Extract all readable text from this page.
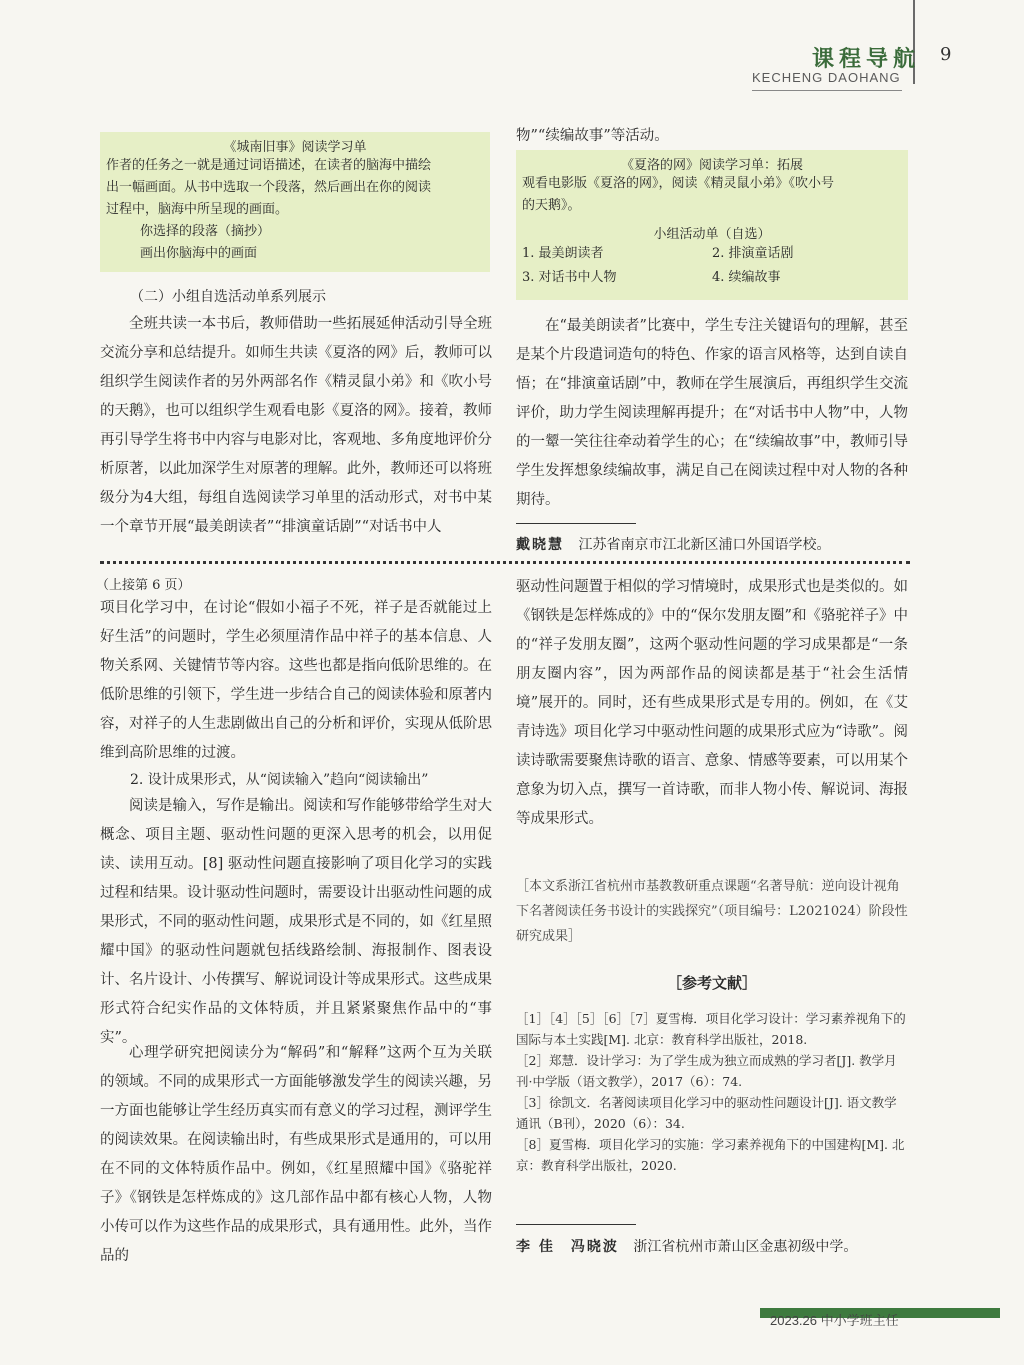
课程导航
KECHENG DAOHANG
9
《城南旧事》阅读学习单
作者的任务之一就是通过词语描述，在读者的脑海中描绘
出一幅画面。从书中选取一个段落，然后画出在你的阅读
过程中，脑海中所呈现的画面。
你选择的段落（摘抄）
画出你脑海中的画面
（二）小组自选活动单系列展示
全班共读一本书后，教师借助一些拓展延伸活动引导全班交流分享和总结提升。如师生共读《夏洛的网》后，教师可以组织学生阅读作者的另外两部名作《精灵鼠小弟》和《吹小号的天鹅》，也可以组织学生观看电影《夏洛的网》。接着，教师再引导学生将书中内容与电影对比，客观地、多角度地评价分析原著，以此加深学生对原著的理解。此外，教师还可以将班级分为4大组，每组自选阅读学习单里的活动形式，对书中某一个章节开展“最美朗读者”“排演童话剧”“对话书中人
物”“续编故事”等活动。
《夏洛的网》阅读学习单：拓展
观看电影版《夏洛的网》，阅读《精灵鼠小弟》《吹小号
的天鹅》。
小组活动单（自选）
1. 最美朗读者	2. 排演童话剧
3. 对话书中人物	4. 续编故事
在“最美朗读者”比赛中，学生专注关键语句的理解，甚至是某个片段遣词造句的特色、作家的语言风格等，达到自读自悟；在“排演童话剧”中，教师在学生展演后，再组织学生交流评价，助力学生阅读理解再提升；在“对话书中人物”中，人物的一颦一笑往往牵动着学生的心；在“续编故事”中，教师引导学生发挥想象续编故事，满足自己在阅读过程中对人物的各种期待。
戴晓慧 江苏省南京市江北新区浦口外国语学校。
（上接第 6 页）
项目化学习中，在讨论“假如小福子不死，祥子是否就能过上好生活”的问题时，学生必须厘清作品中祥子的基本信息、人物关系网、关键情节等内容。这些也都是指向低阶思维的。在低阶思维的引领下，学生进一步结合自己的阅读体验和原著内容，对祥子的人生悲剧做出自己的分析和评价，实现从低阶思维到高阶思维的过渡。
2. 设计成果形式，从“阅读输入”趋向“阅读输出”
阅读是输入，写作是输出。阅读和写作能够带给学生对大概念、项目主题、驱动性问题的更深入思考的机会，以用促读、读用互动。[8] 驱动性问题直接影响了项目化学习的实践过程和结果。设计驱动性问题时，需要设计出驱动性问题的成果形式，不同的驱动性问题，成果形式是不同的，如《红星照耀中国》的驱动性问题就包括线路绘制、海报制作、图表设计、名片设计、小传撰写、解说词设计等成果形式。这些成果形式符合纪实作品的文体特质，并且紧紧聚焦作品中的“事实”。
心理学研究把阅读分为“解码”和“解释”这两个互为关联的领域。不同的成果形式一方面能够激发学生的阅读兴趣，另一方面也能够让学生经历真实而有意义的学习过程，测评学生的阅读效果。在阅读输出时，有些成果形式是通用的，可以用在不同的文体特质作品中。例如，《红星照耀中国》《骆驼祥子》《钢铁是怎样炼成的》这几部作品中都有核心人物，人物小传可以作为这些作品的成果形式，具有通用性。此外，当作品的
驱动性问题置于相似的学习情境时，成果形式也是类似的。如《钢铁是怎样炼成的》中的“保尔发朋友圈”和《骆驼祥子》中的“祥子发朋友圈”，这两个驱动性问题的学习成果都是“一条朋友圈内容”，因为两部作品的阅读都是基于“社会生活情境”展开的。同时，还有些成果形式是专用的。例如，在《艾青诗选》项目化学习中驱动性问题的成果形式应为“诗歌”。阅读诗歌需要聚焦诗歌的语言、意象、情感等要素，可以用某个意象为切入点，撰写一首诗歌，而非人物小传、解说词、海报等成果形式。
［本文系浙江省杭州市基教教研重点课题“名著导航：逆向设计视角下名著阅读任务书设计的实践探究”（项目编号：L2021024）阶段性研究成果］
［参考文献］
［1］［4］［5］［6］［7］夏雪梅．项目化学习设计：学习素养视角下的国际与本土实践[M]. 北京：教育科学出版社，2018.
［2］郑慧．设计学习：为了学生成为独立而成熟的学习者[J]. 教学月刊·中学版（语文教学），2017（6）：74.
［3］徐凯文．名著阅读项目化学习中的驱动性问题设计[J]. 语文教学通讯（B刊），2020（6）：34.
［8］夏雪梅．项目化学习的实施：学习素养视角下的中国建构[M]. 北京：教育科学出版社，2020.
李 佳　冯晓波 浙江省杭州市萧山区金惠初级中学。
2023.26 中小学班主任
